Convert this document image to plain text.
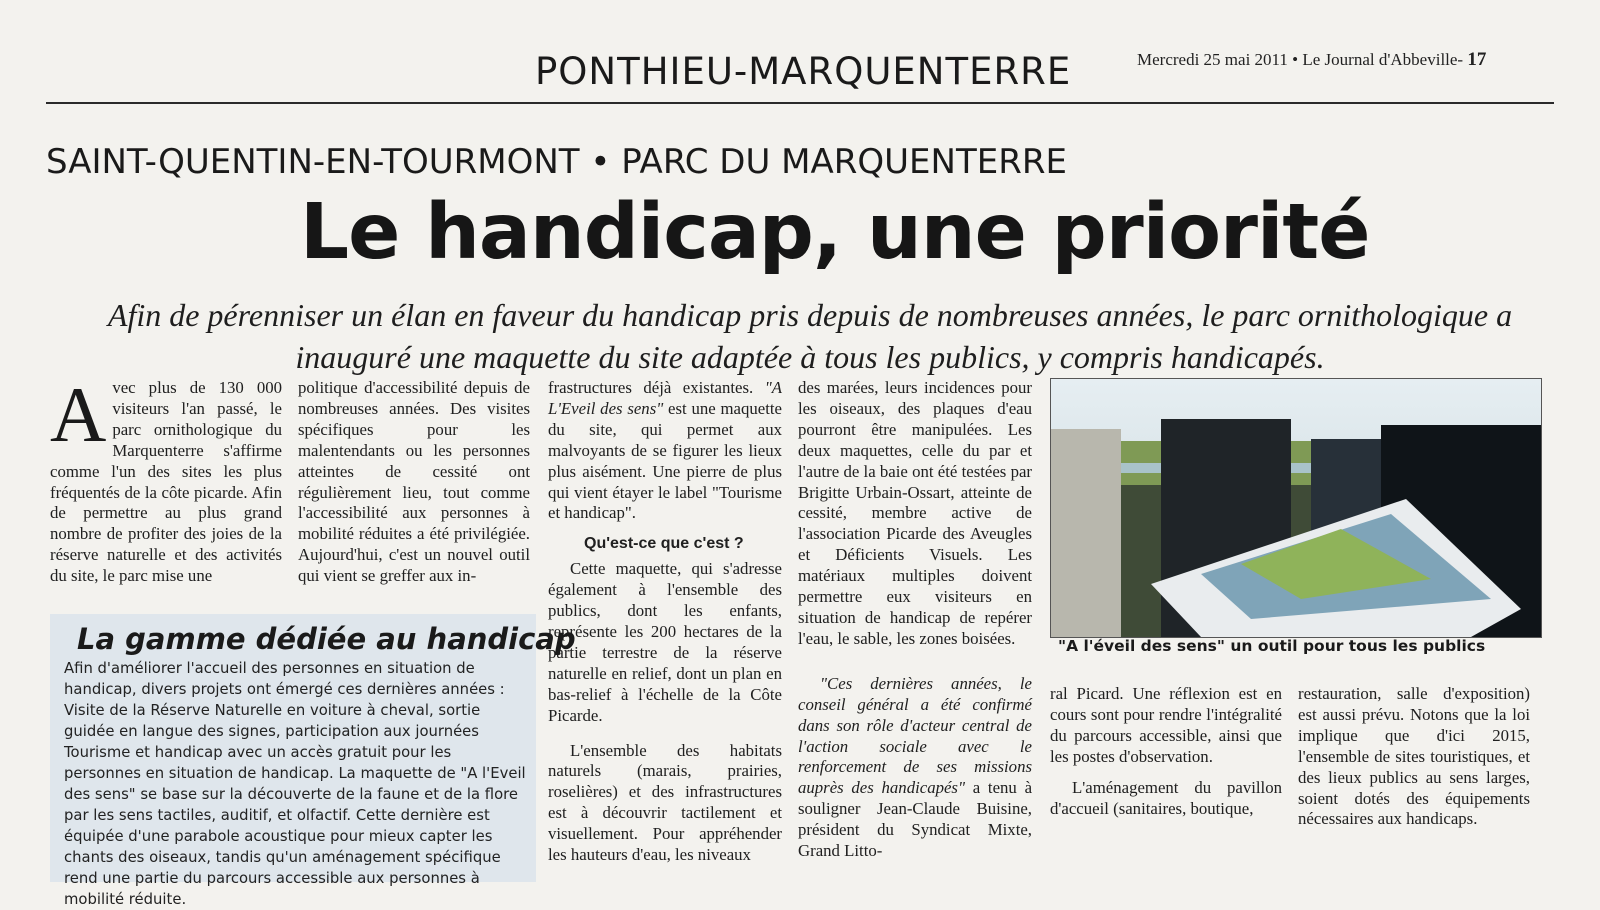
PONTHIEU-MARQUENTERRE	Mercredi 25 mai 2011 • Le Journal d'Abbeville- 17
SAINT-QUENTIN-EN-TOURMONT • PARC DU MARQUENTERRE
Le handicap, une priorité
Afin de pérenniser un élan en faveur du handicap pris depuis de nombreuses années, le parc ornithologique a inauguré une maquette du site adaptée à tous les publics, y compris handicapés.
A vec plus de 130 000 visiteurs l'an passé, le parc ornithologique du Marquenterre s'affirme comme l'un des sites les plus fréquentés de la côte picarde. Afin de permettre au plus grand nombre de profiter des joies de la réserve naturelle et des activités du site, le parc mise une

politique d'accessibilité depuis de nombreuses années. Des visites spécifiques pour les malentendants ou les personnes atteintes de cessité ont régulièrement lieu, tout comme l'accessibilité aux personnes à mobilité réduites a été privilégiée. Aujourd'hui, c'est un nouvel outil qui vient se greffer aux in-

frastructures déjà existantes. "A L'Eveil des sens" est une maquette du site, qui permet aux malvoyants de se figurer les lieux plus aisément. Une pierre de plus qui vient étayer le label "Tourisme et handicap".

Qu'est-ce que c'est ?

Cette maquette, qui s'adresse également à l'ensemble des publics, dont les enfants, représente les 200 hectares de la partie terrestre de la réserve naturelle en relief, dont un plan en bas-relief à l'échelle de la Côte Picarde.

L'ensemble des habitats naturels (marais, prairies, roselières) et des infrastructures est à découvrir tactilement et visuellement. Pour appréhender les hauteurs d'eau, les niveaux

des marées, leurs incidences pour les oiseaux, des plaques d'eau pourront être manipulées. Les deux maquettes, celle du par et l'autre de la baie ont été testées par Brigitte Urbain-Ossart, atteinte de cessité, membre active de l'association Picarde des Aveugles et Déficients Visuels. Les matériaux multiples doivent permettre eux visiteurs en situation de handicap de repérer l'eau, le sable, les zones boisées.

"Ces dernières années, le conseil général a été confirmé dans son rôle d'acteur central de l'action sociale avec le renforcement de ses missions auprès des handicapés" a tenu à souligner Jean-Claude Buisine, président du Syndicat Mixte, Grand Litto-

"A l'éveil des sens" un outil pour tous les publics

ral Picard. Une réflexion est en cours sont pour rendre l'intégralité du parcours accessible, ainsi que les postes d'observation.

L'aménagement du pavillon d'accueil (sanitaires, boutique,

restauration, salle d'exposition) est aussi prévu. Notons que la loi implique que d'ici 2015, l'ensemble de sites touristiques, et des lieux publics au sens larges, soient dotés des équipements nécessaires aux handicaps.

La gamme dédiée au handicap
Afin d'améliorer l'accueil des personnes en situation de handicap, divers projets ont émergé ces dernières années : Visite de la Réserve Naturelle en voiture à cheval, sortie guidée en langue des signes, participation aux journées Tourisme et handicap avec un accès gratuit pour les personnes en situation de handicap. La maquette de "A l'Eveil des sens" se base sur la découverte de la faune et de la flore par les sens tactiles, auditif, et olfactif. Cette dernière est équipée d'une parabole acoustique pour mieux capter les chants des oiseaux, tandis qu'un aménagement spécifique rend une partie du parcours accessible aux personnes à mobilité réduite.
